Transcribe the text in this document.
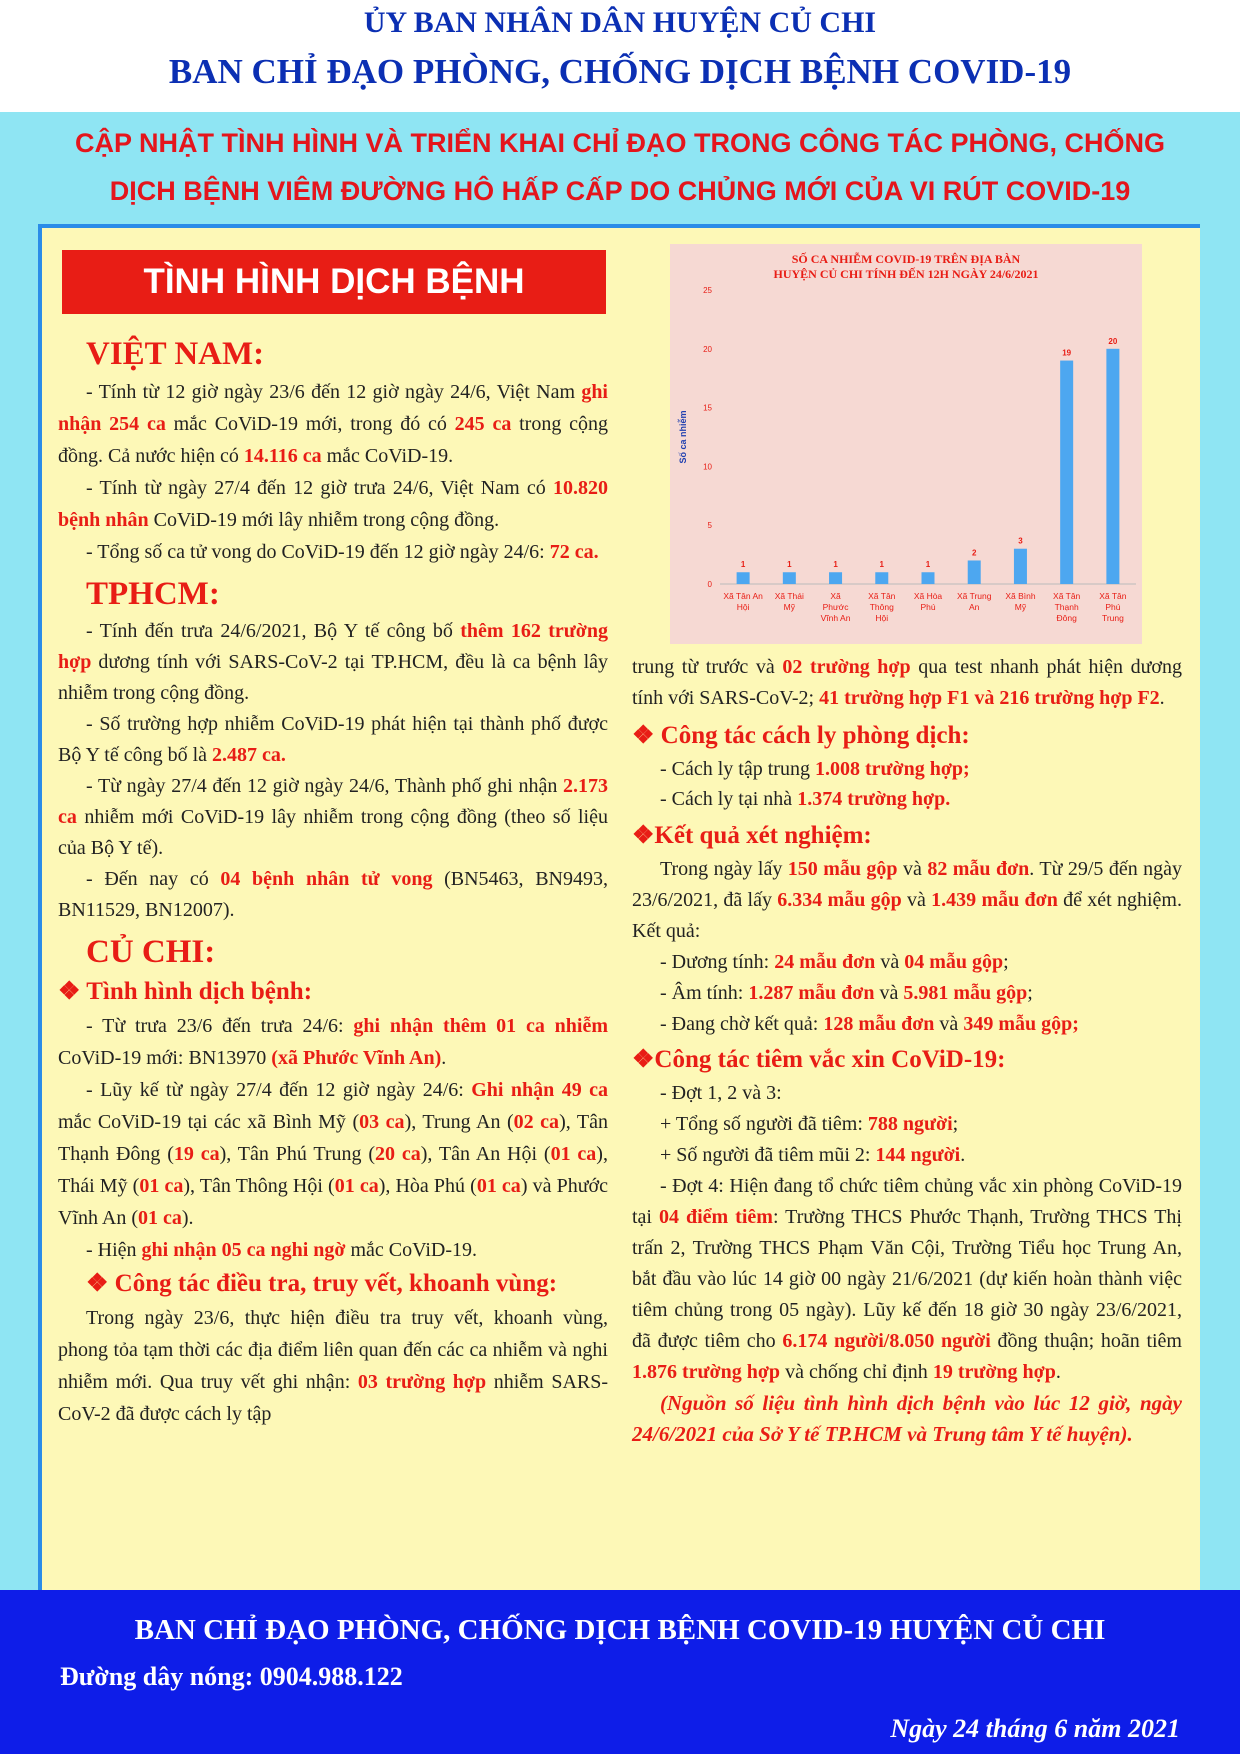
ỦY BAN NHÂN DÂN HUYỆN CỦ CHI
BAN CHỈ ĐẠO PHÒNG, CHỐNG DỊCH BỆNH COVID-19
CẬP NHẬT TÌNH HÌNH VÀ TRIỂN KHAI CHỈ ĐẠO TRONG CÔNG TÁC PHÒNG, CHỐNG
DỊCH BỆNH VIÊM ĐƯỜNG HÔ HẤP CẤP DO CHỦNG MỚI CỦA VI RÚT COVID-19
TÌNH HÌNH DỊCH BỆNH

VIỆT NAM:

- Tính từ 12 giờ ngày 23/6 đến 12 giờ ngày 24/6, Việt Nam ghi nhận 254 ca mắc CoViD-19 mới, trong đó có 245 ca trong cộng đồng. Cả nước hiện có 14.116 ca mắc CoViD-19.

- Tính từ ngày 27/4 đến 12 giờ trưa 24/6, Việt Nam có 10.820 bệnh nhân CoViD-19 mới lây nhiễm trong cộng đồng.

- Tổng số ca tử vong do CoViD-19 đến 12 giờ ngày 24/6: 72 ca.

TPHCM:

- Tính đến trưa 24/6/2021, Bộ Y tế công bố thêm 162 trường hợp dương tính với SARS-CoV-2 tại TP.HCM, đều là ca bệnh lây nhiễm trong cộng đồng.

- Số trường hợp nhiễm CoViD-19 phát hiện tại thành phố được Bộ Y tế công bố là 2.487 ca.

- Từ ngày 27/4 đến 12 giờ ngày 24/6, Thành phố ghi nhận 2.173 ca nhiễm mới CoViD-19 lây nhiễm trong cộng đồng (theo số liệu của Bộ Y tế).

- Đến nay có 04 bệnh nhân tử vong (BN5463, BN9493, BN11529, BN12007).

CỦ CHI:

❖ Tình hình dịch bệnh:

- Từ trưa 23/6 đến trưa 24/6: ghi nhận thêm 01 ca nhiễm CoViD-19 mới: BN13970 (xã Phước Vĩnh An).

- Lũy kế từ ngày 27/4 đến 12 giờ ngày 24/6: Ghi nhận 49 ca mắc CoViD-19 tại các xã Bình Mỹ (03 ca), Trung An (02 ca), Tân Thạnh Đông (19 ca), Tân Phú Trung (20 ca), Tân An Hội (01 ca), Thái Mỹ (01 ca), Tân Thông Hội (01 ca), Hòa Phú (01 ca) và Phước Vĩnh An (01 ca).

- Hiện ghi nhận 05 ca nghi ngờ mắc CoViD-19.

❖ Công tác điều tra, truy vết, khoanh vùng:

Trong ngày 23/6, thực hiện điều tra truy vết, khoanh vùng, phong tỏa tạm thời các địa điểm liên quan đến các ca nhiễm và nghi nhiễm mới. Qua truy vết ghi nhận: 03 trường hợp nhiễm SARS-CoV-2 đã được cách ly tập

SỐ CA NHIỄM COVID-19 TRÊN ĐỊA BÀN
HUYỆN CỦ CHI TÍNH ĐẾN 12H NGÀY 24/6/2021
0
5
10
15
20
25
Số ca nhiễm
1
Xã Tân An
Hội
1
Xã Thái
Mỹ
1
Xã
Phước
Vĩnh An
1
Xã Tân
Thông
Hội
1
Xã Hòa
Phú
2
Xã Trung
An
3
Xã Bình
Mỹ
19
Xã Tân
Thạnh
Đông
20
Xã Tân
Phú
Trung

trung từ trước và 02 trường hợp qua test nhanh phát hiện dương tính với SARS-CoV-2; 41 trường hợp F1 và 216 trường hợp F2.

❖ Công tác cách ly phòng dịch:

- Cách ly tập trung 1.008 trường hợp;

- Cách ly tại nhà 1.374 trường hợp.

❖Kết quả xét nghiệm:

Trong ngày lấy 150 mẫu gộp và 82 mẫu đơn. Từ 29/5 đến ngày 23/6/2021, đã lấy 6.334 mẫu gộp và 1.439 mẫu đơn để xét nghiệm. Kết quả:

- Dương tính: 24 mẫu đơn và 04 mẫu gộp;

- Âm tính: 1.287 mẫu đơn và 5.981 mẫu gộp;

- Đang chờ kết quả: 128 mẫu đơn và 349 mẫu gộp;

❖Công tác tiêm vắc xin CoViD-19:

- Đợt 1, 2 và 3:

+ Tổng số người đã tiêm: 788 người;

+ Số người đã tiêm mũi 2: 144 người.

- Đợt 4: Hiện đang tổ chức tiêm chủng vắc xin phòng CoViD-19 tại 04 điểm tiêm: Trường THCS Phước Thạnh, Trường THCS Thị trấn 2, Trường THCS Phạm Văn Cội, Trường Tiểu học Trung An, bắt đầu vào lúc 14 giờ 00 ngày 21/6/2021 (dự kiến hoàn thành việc tiêm chủng trong 05 ngày). Lũy kế đến 18 giờ 30 ngày 23/6/2021, đã được tiêm cho 6.174 người/8.050 người đồng thuận; hoãn tiêm 1.876 trường hợp và chống chỉ định 19 trường hợp.

(Nguồn số liệu tình hình dịch bệnh vào lúc 12 giờ, ngày 24/6/2021 của Sở Y tế TP.HCM và Trung tâm Y tế huyện).

BAN CHỈ ĐẠO PHÒNG, CHỐNG DỊCH BỆNH COVID-19 HUYỆN CỦ CHI
Đường dây nóng: 0904.988.122
Ngày 24 tháng 6 năm 2021
